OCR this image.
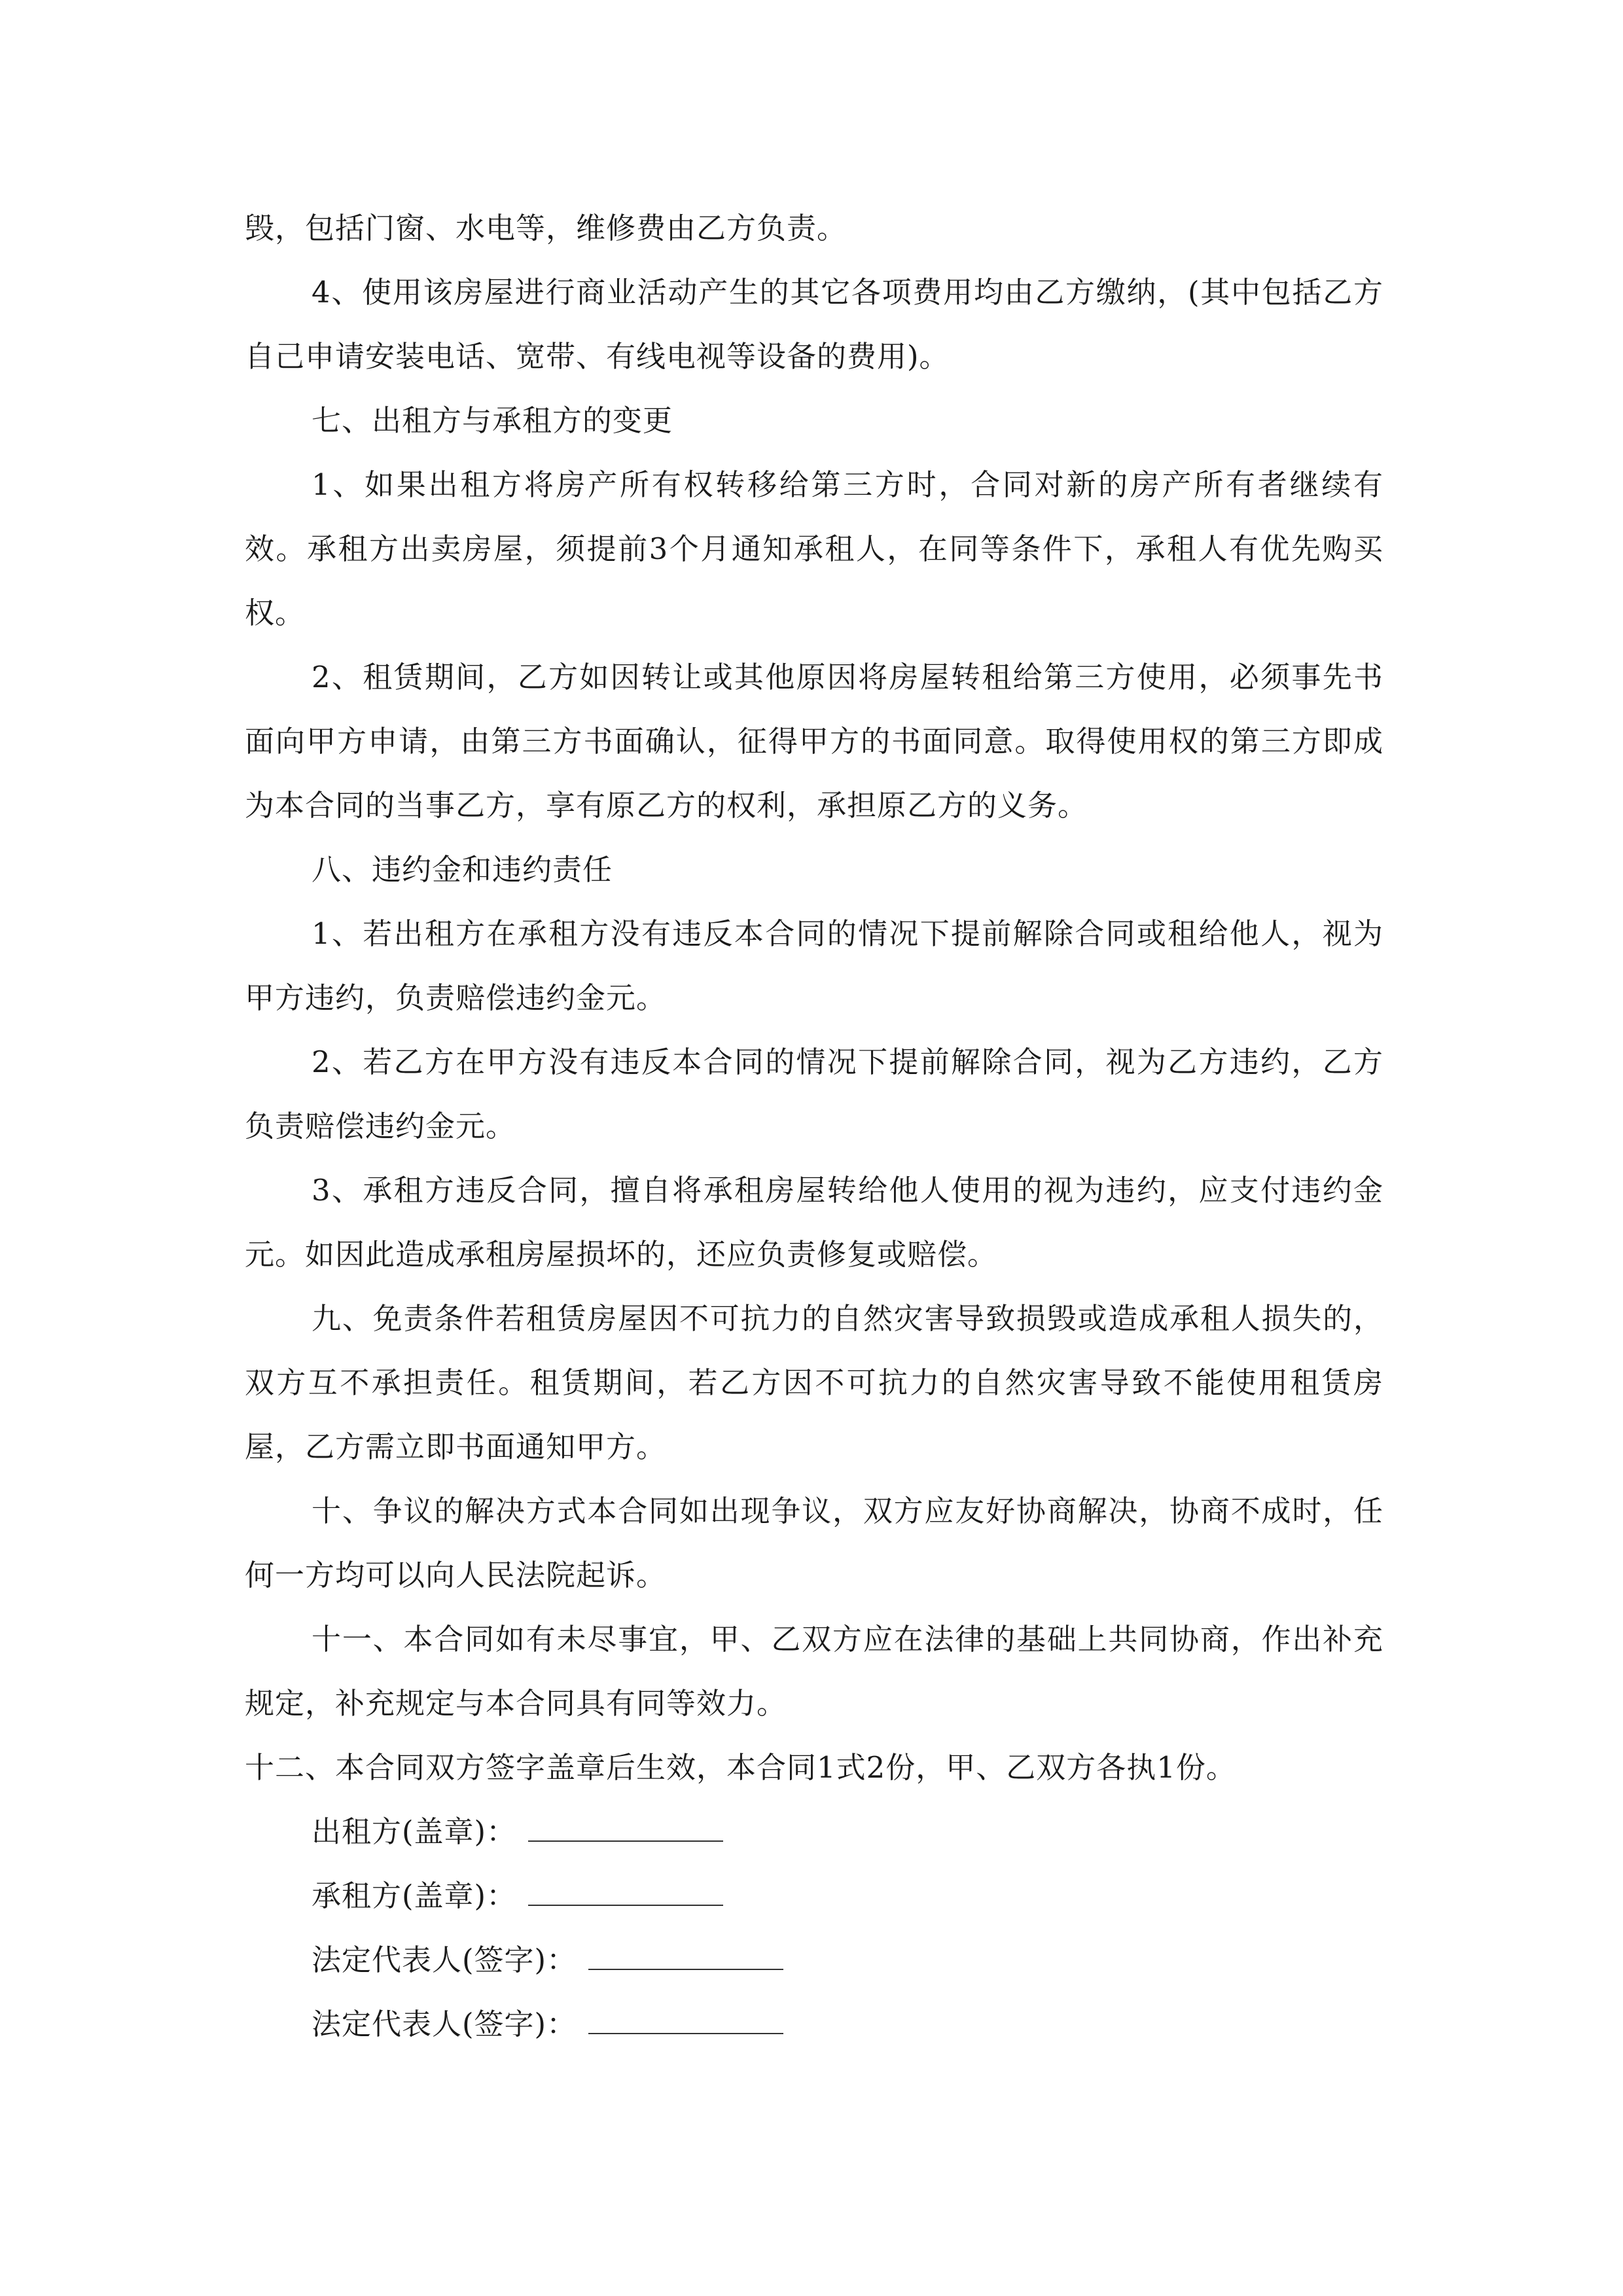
毁，包括门窗、水电等，维修费由乙方负责。

4、使用该房屋进行商业活动产生的其它各项费用均由乙方缴纳，(其中包括乙方自己申请安装电话、宽带、有线电视等设备的费用)。

七、出租方与承租方的变更

1、如果出租方将房产所有权转移给第三方时，合同对新的房产所有者继续有效。承租方出卖房屋，须提前3个月通知承租人，在同等条件下，承租人有优先购买权。

2、租赁期间，乙方如因转让或其他原因将房屋转租给第三方使用，必须事先书面向甲方申请，由第三方书面确认，征得甲方的书面同意。取得使用权的第三方即成为本合同的当事乙方，享有原乙方的权利，承担原乙方的义务。

八、违约金和违约责任

1、若出租方在承租方没有违反本合同的情况下提前解除合同或租给他人，视为甲方违约，负责赔偿违约金元。

2、若乙方在甲方没有违反本合同的情况下提前解除合同，视为乙方违约，乙方负责赔偿违约金元。

3、承租方违反合同，擅自将承租房屋转给他人使用的视为违约，应支付违约金元。如因此造成承租房屋损坏的，还应负责修复或赔偿。

九、免责条件若租赁房屋因不可抗力的自然灾害导致损毁或造成承租人损失的，双方互不承担责任。租赁期间，若乙方因不可抗力的自然灾害导致不能使用租赁房屋，乙方需立即书面通知甲方。

十、争议的解决方式本合同如出现争议，双方应友好协商解决，协商不成时，任何一方均可以向人民法院起诉。

十一、本合同如有未尽事宜，甲、乙双方应在法律的基础上共同协商，作出补充规定，补充规定与本合同具有同等效力。

十二、本合同双方签字盖章后生效，本合同1式2份，甲、乙双方各执1份。

出租方(盖章)：
承租方(盖章)：
法定代表人(签字)：
法定代表人(签字)：
